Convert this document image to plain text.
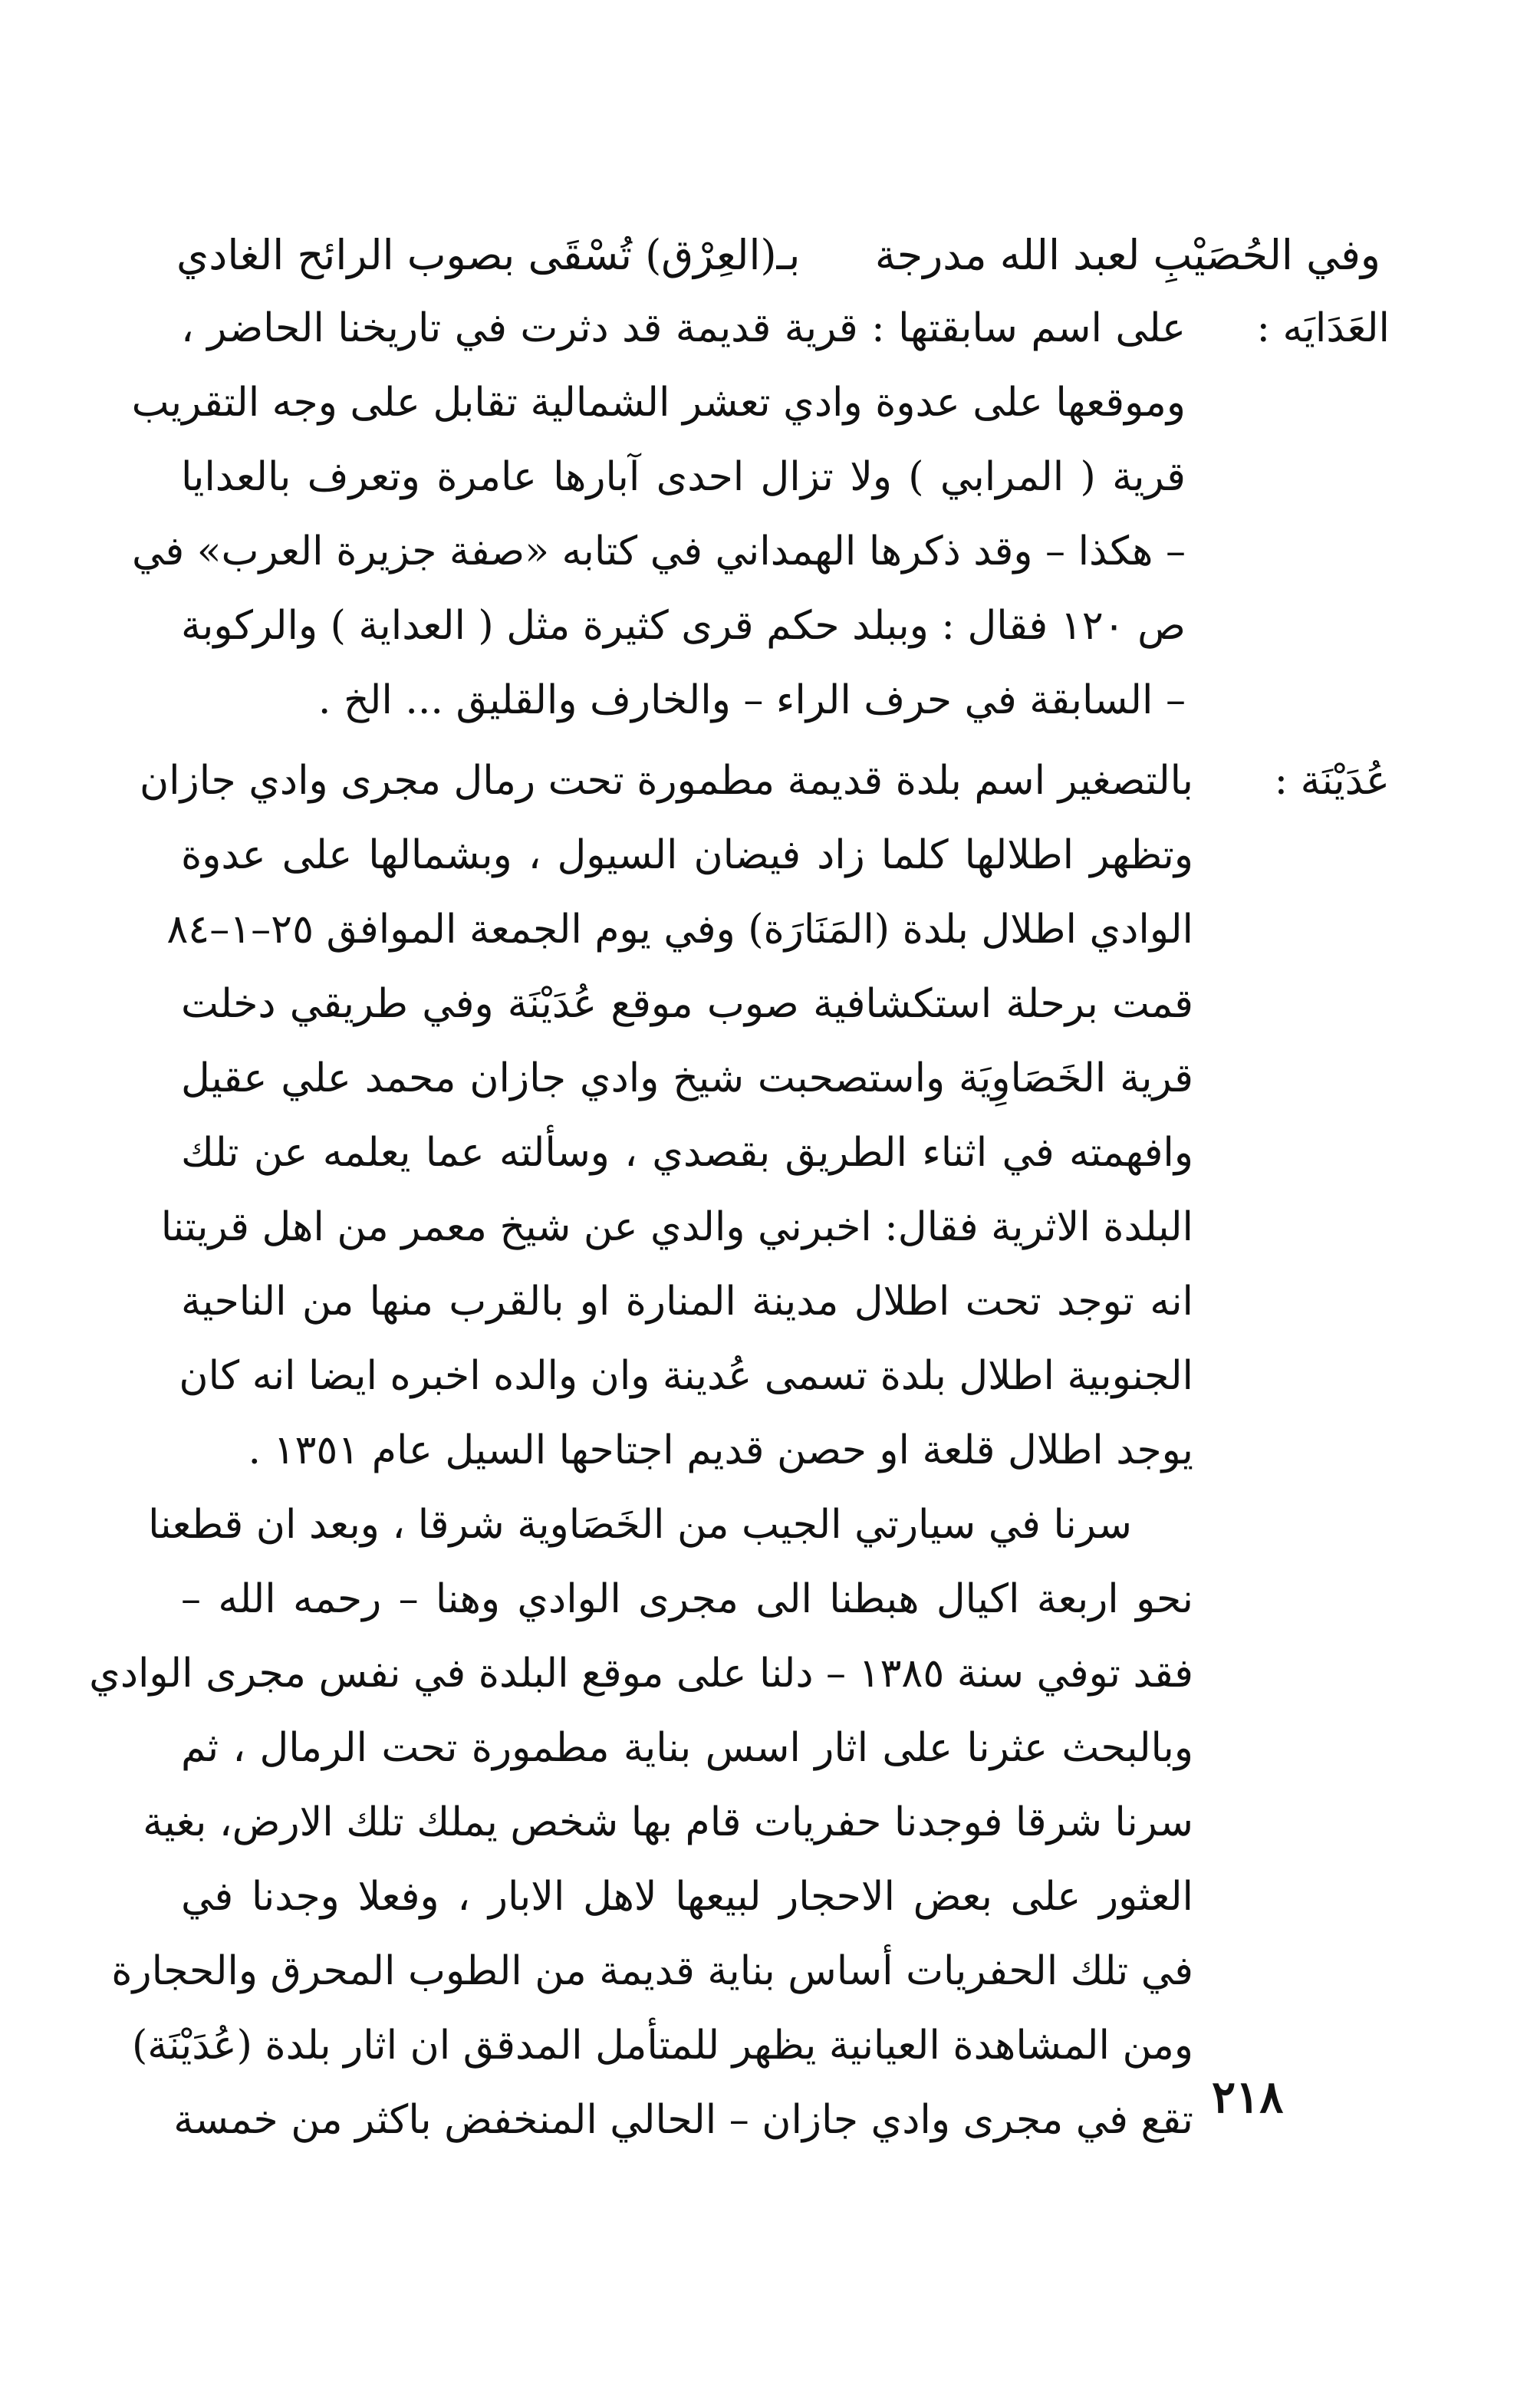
وفي الحُصَيْبِ لعبد الله مدرجة
بـ(العِرْق) تُسْقَى بصوب الرائح الغادي
العَدَايَه :
على اسم سابقتها : قرية قديمة قد دثرت في تاريخنا الحاضر ،
وموقعها على عدوة وادي تعشر الشمالية تقابل على وجه التقريب
قرية ( المرابي ) ولا تزال احدى آبارها عامرة وتعرف بالعدايا
– هكذا – وقد ذكرها الهمداني في كتابه «صفة جزيرة العرب» في
ص ١٢٠ فقال : وببلد حكم قرى كثيرة مثل ( العداية ) والركوبة
– السابقة في حرف الراء – والخارف والقليق ... الخ .
عُدَيْنَة :
بالتصغير اسم بلدة قديمة مطمورة تحت رمال مجرى وادي جازان
وتظهر اطلالها كلما زاد فيضان السيول ، وبشمالها على عدوة
الوادي اطلال بلدة (المَنَارَة) وفي يوم الجمعة الموافق ٢٥–١–٨٤
قمت برحلة استكشافية صوب موقع عُدَيْنَة وفي طريقي دخلت
قرية الخَصَاوِيَة واستصحبت شيخ وادي جازان محمد علي عقيل
وافهمته في اثناء الطريق بقصدي ، وسألته عما يعلمه عن تلك
البلدة الاثرية فقال: اخبرني والدي عن شيخ معمر من اهل قريتنا
انه توجد تحت اطلال مدينة المنارة او بالقرب منها من الناحية
الجنوبية اطلال بلدة تسمى عُدينة وان والده اخبره ايضا انه كان
يوجد اطلال قلعة او حصن قديم اجتاحها السيل عام ١٣٥١ .
سرنا في سيارتي الجيب من الخَصَاوية شرقا ، وبعد ان قطعنا
نحو اربعة اكيال هبطنا الى مجرى الوادي وهنا – رحمه الله –
فقد توفي سنة ١٣٨٥ – دلنا على موقع البلدة في نفس مجرى الوادي
وبالبحث عثرنا على اثار اسس بناية مطمورة تحت الرمال ، ثم
سرنا شرقا فوجدنا حفريات قام بها شخص يملك تلك الارض، بغية
العثور على بعض الاحجار لبيعها لاهل الابار ، وفعلا وجدنا في
في تلك الحفريات أساس بناية قديمة من الطوب المحرق والحجارة
ومن المشاهدة العيانية يظهر للمتأمل المدقق ان اثار بلدة (عُدَيْنَة)
تقع في مجرى وادي جازان – الحالي المنخفض باكثر من خمسة ٢١٨
